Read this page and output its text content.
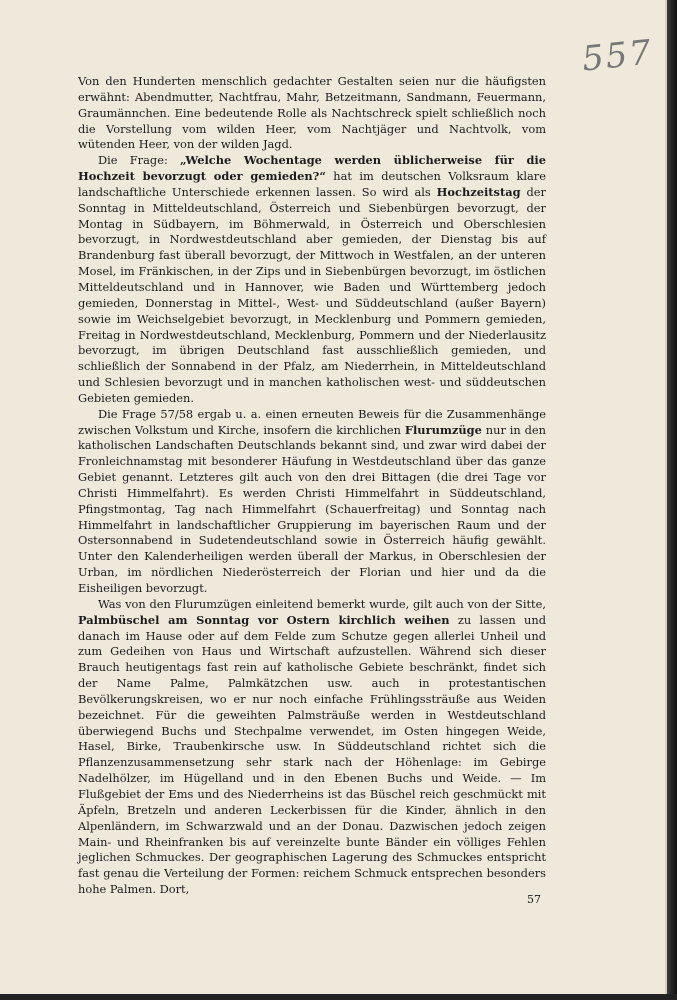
557

Von den Hunderten menschlich gedachter Gestalten seien nur die häufigsten erwähnt: Abendmutter, Nachtfrau, Mahr, Betzeitmann, Sandmann, Feuermann, Graumännchen. Eine bedeutende Rolle als Nachtschreck spielt schließlich noch die Vorstellung vom wilden Heer, vom Nachtjäger und Nachtvolk, vom wütenden Heer, von der wilden Jagd.

Die Frage: „Welche Wochentage werden üblicherweise für die Hochzeit bevorzugt oder gemieden?“ hat im deutschen Volksraum klare landschaftliche Unterschiede erkennen lassen. So wird als Hochzeitstag der Sonntag in Mitteldeutschland, Österreich und Siebenbürgen bevorzugt, der Montag in Südbayern, im Böhmerwald, in Österreich und Oberschlesien bevorzugt, in Nordwestdeutschland aber gemieden, der Dienstag bis auf Brandenburg fast überall bevorzugt, der Mittwoch in Westfalen, an der unteren Mosel, im Fränkischen, in der Zips und in Siebenbürgen bevorzugt, im östlichen Mitteldeutschland und in Hannover, wie Baden und Württemberg jedoch gemieden, Donnerstag in Mittel-, West- und Süddeutschland (außer Bayern) sowie im Weichselgebiet bevorzugt, in Mecklenburg und Pommern gemieden, Freitag in Nordwestdeutschland, Mecklenburg, Pommern und der Niederlausitz bevorzugt, im übrigen Deutschland fast ausschließlich gemieden, und schließlich der Sonnabend in der Pfalz, am Niederrhein, in Mitteldeutschland und Schlesien bevorzugt und in manchen katholischen west- und süddeutschen Gebieten gemieden.

Die Frage 57/58 ergab u. a. einen erneuten Beweis für die Zusammenhänge zwischen Volkstum und Kirche, insofern die kirchlichen Flurumzüge nur in den katholischen Landschaften Deutschlands bekannt sind, und zwar wird dabei der Fronleichnamstag mit besonderer Häufung in Westdeutschland über das ganze Gebiet genannt. Letzteres gilt auch von den drei Bittagen (die drei Tage vor Christi Himmelfahrt). Es werden Christi Himmelfahrt in Süddeutschland, Pfingstmontag, Tag nach Himmelfahrt (Schauerfreitag) und Sonntag nach Himmelfahrt in landschaftlicher Gruppierung im bayerischen Raum und der Ostersonnabend in Sudetendeutschland sowie in Österreich häufig gewählt. Unter den Kalenderheiligen werden überall der Markus, in Oberschlesien der Urban, im nördlichen Niederösterreich der Florian und hier und da die Eisheiligen bevorzugt.

Was von den Flurumzügen einleitend bemerkt wurde, gilt auch von der Sitte, Palmbüschel am Sonntag vor Ostern kirchlich weihen zu lassen und danach im Hause oder auf dem Felde zum Schutze gegen allerlei Unheil und zum Gedeihen von Haus und Wirtschaft aufzustellen. Während sich dieser Brauch heutigentags fast rein auf katholische Gebiete beschränkt, findet sich der Name Palme, Palmkätzchen usw. auch in protestantischen Bevölkerungskreisen, wo er nur noch einfache Frühlingssträuße aus Weiden bezeichnet. Für die geweihten Palmsträuße werden in Westdeutschland überwiegend Buchs und Stechpalme verwendet, im Osten hingegen Weide, Hasel, Birke, Traubenkirsche usw. In Süddeutschland richtet sich die Pflanzenzusammensetzung sehr stark nach der Höhenlage: im Gebirge Nadelhölzer, im Hügelland und in den Ebenen Buchs und Weide. — Im Flußgebiet der Ems und des Niederrheins ist das Büschel reich geschmückt mit Äpfeln, Bretzeln und anderen Leckerbissen für die Kinder, ähnlich in den Alpenländern, im Schwarzwald und an der Donau. Dazwischen jedoch zeigen Main- und Rheinfranken bis auf vereinzelte bunte Bänder ein völliges Fehlen jeglichen Schmuckes. Der geographischen Lagerung des Schmuckes entspricht fast genau die Verteilung der Formen: reichem Schmuck entsprechen besonders hohe Palmen. Dort,

57
